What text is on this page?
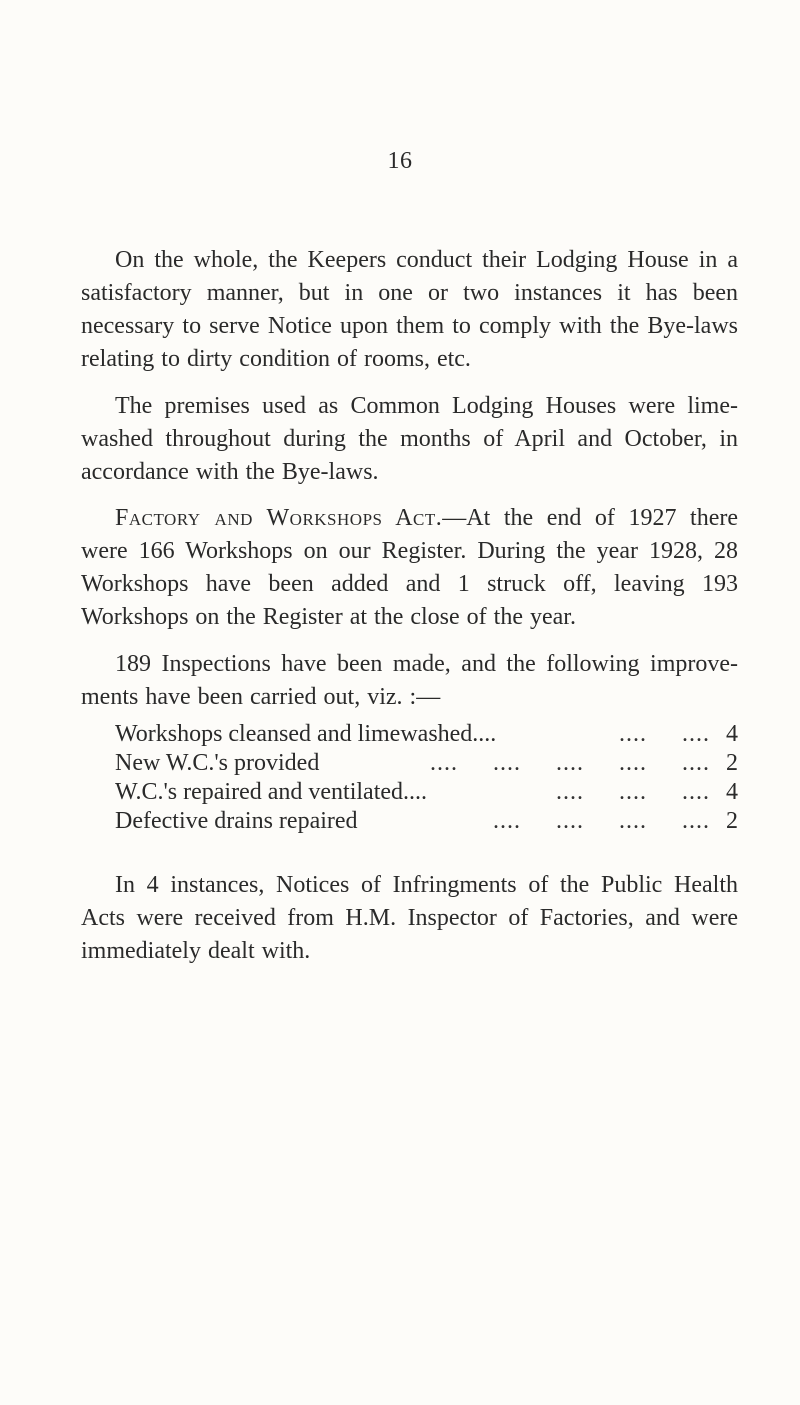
16

On the whole, the Keepers conduct their Lodging House in a satisfactory manner, but in one or two instances it has been necessary to serve Notice upon them to comply with the Bye-laws relating to dirty condition of rooms, etc.

The premises used as Common Lodging Houses were lime-washed throughout during the months of April and October, in accordance with the Bye-laws.

Factory and Workshops Act.—At the end of 1927 there were 166 Workshops on our Register. During the year 1928, 28 Workshops have been added and 1 struck off, leaving 193 Workshops on the Register at the close of the year.

189 Inspections have been made, and the following improve-ments have been carried out, viz. :—

Workshops cleansed and limewashed....	....     .... 4
New W.C.'s provided	....     ....     ....     ....     .... 2
W.C.'s repaired and ventilated....	....     ....     .... 4
Defective drains repaired	....     ....     ....     .... 2

In 4 instances, Notices of Infringments of the Public Health Acts were received from H.M. Inspector of Factories, and were immediately dealt with.
